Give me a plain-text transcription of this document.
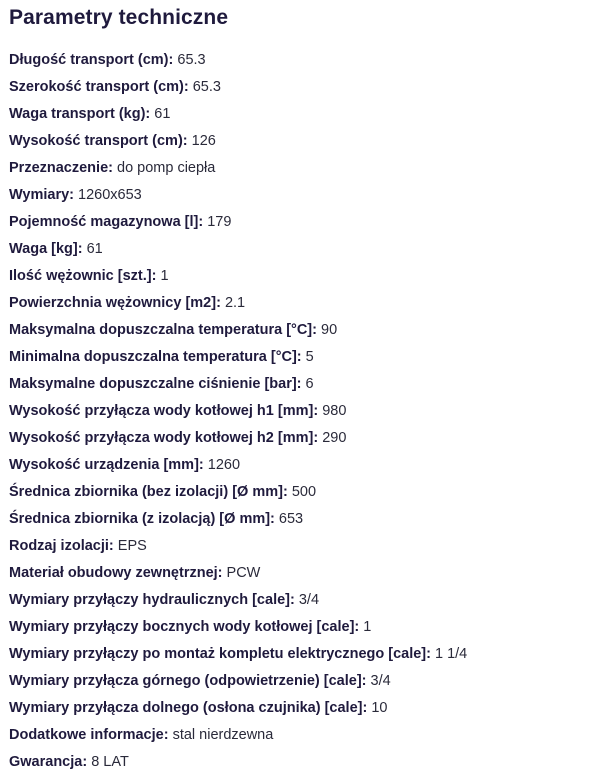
Parametry techniczne
Długość transport (cm): 65.3
Szerokość transport (cm): 65.3
Waga transport (kg): 61
Wysokość transport (cm): 126
Przeznaczenie: do pomp ciepła
Wymiary: 1260x653
Pojemność magazynowa [l]: 179
Waga [kg]: 61
Ilość wężownic [szt.]: 1
Powierzchnia wężownicy [m2]: 2.1
Maksymalna dopuszczalna temperatura [°C]: 90
Minimalna dopuszczalna temperatura [°C]: 5
Maksymalne dopuszczalne ciśnienie [bar]: 6
Wysokość przyłącza wody kotłowej h1 [mm]: 980
Wysokość przyłącza wody kotłowej h2 [mm]: 290
Wysokość urządzenia [mm]: 1260
Średnica zbiornika (bez izolacji) [Ø mm]: 500
Średnica zbiornika (z izolacją) [Ø mm]: 653
Rodzaj izolacji: EPS
Materiał obudowy zewnętrznej: PCW
Wymiary przyłączy hydraulicznych [cale]: 3/4
Wymiary przyłączy bocznych wody kotłowej [cale]: 1
Wymiary przyłączy po montaż kompletu elektrycznego [cale]: 1 1/4
Wymiary przyłącza górnego (odpowietrzenie) [cale]: 3/4
Wymiary przyłącza dolnego (osłona czujnika) [cale]: 10
Dodatkowe informacje: stal nierdzewna
Gwarancja: 8 LAT
